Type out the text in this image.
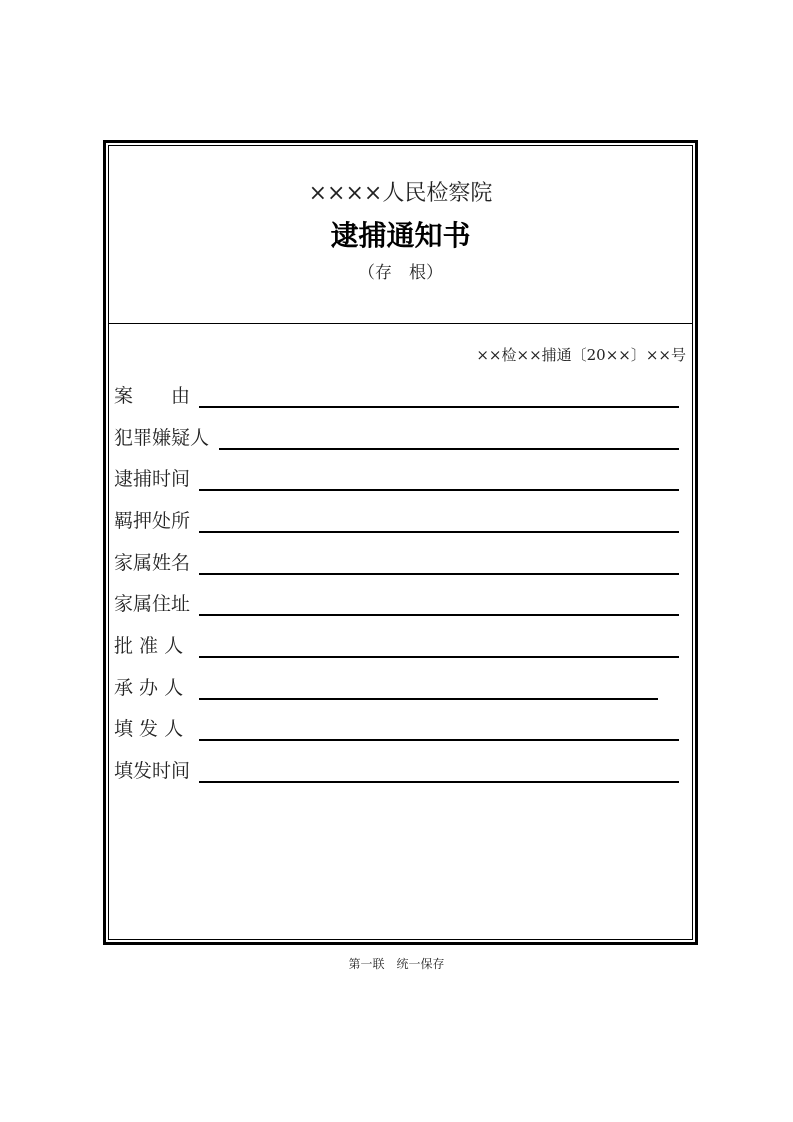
××××人民检察院
逮捕通知书
（存　根）
××检××捕通〔20××〕××号
案　　由
犯罪嫌疑人
逮捕时间
羁押处所
家属姓名
家属住址
批 准 人
承 办 人
填 发 人
填发时间
第一联　统一保存
